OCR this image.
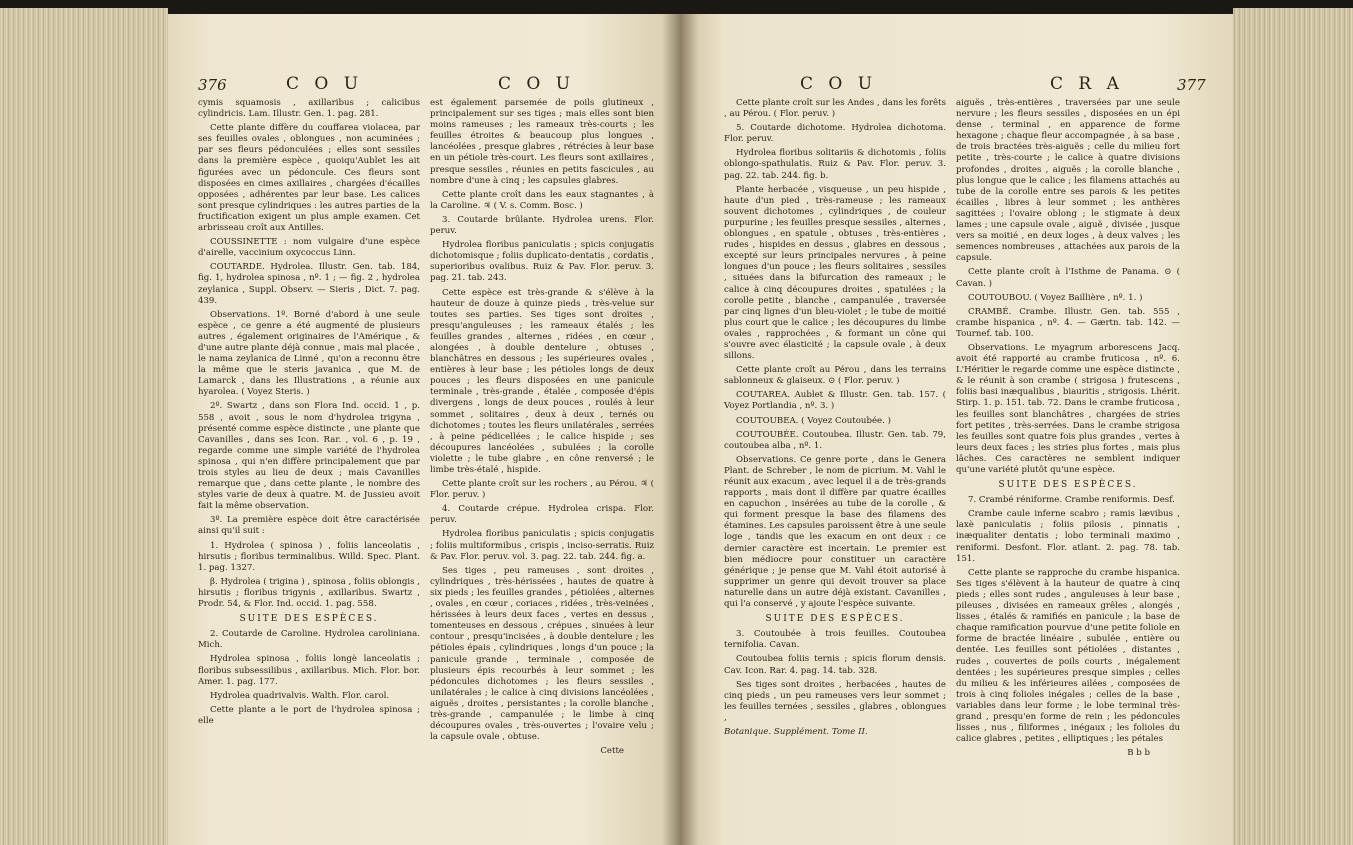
376	C O U	C O U

cymis squamosis , axillaribus ; calicibus cylindricis. Lam. Illustr. Gen. 1. pag. 281.

Cette plante diffère du couffarea violacea, par ses feuilles ovales , oblongues , non acuminées ; par ses fleurs pédonculées ; elles sont sessiles dans la première espèce , quoiqu'Aublet les ait figurées avec un pédoncule. Ces fleurs sont disposées en cimes axillaires , chargées d'écailles opposées , adhérentes par leur base. Les calices sont presque cylindriques : les autres parties de la fructification exigent un plus ample examen. Cet arbrisseau croît aux Antilles.

COUSSINETTE : nom vulgaire d'une espèce d'airelle, vaccinium oxycoccus Linn.

COUTARDE. Hydrolea. Illustr. Gen. tab. 184, fig. 1, hydrolea spinosa , nº. 1 ; — fig. 2 , hydrolea zeylanica , Suppl. Observ. — Sieris , Dict. 7. pag. 439.

Observations. 1º. Borné d'abord à une seule espèce , ce genre a été augmenté de plusieurs autres , également originaires de l'Amérique , & d'une autre plante déjà connue , mais mal placée , le nama zeylanica de Linné , qu'on a reconnu être la même que le steris javanica , que M. de Lamarck , dans les Illustrations , a réunie aux hyarolea. ( Voyez Steris. )

2º. Swartz , dans son Flora Ind. occid. 1 , p. 558 , avoit , sous le nom d'hydrolea trigyna , présenté comme espèce distincte , une plante que Cavanilles , dans ses Icon. Rar. , vol. 6 , p. 19 , regarde comme une simple variété de l'hydrolea spinosa , qui n'en diffère principalement que par trois styles au lieu de deux ; mais Cavanilles remarque que , dans cette plante , le nombre des styles varie de deux à quatre. M. de Jussieu avoit fait la même observation.

3º. La première espèce doit être caractérisée ainsi qu'il suit :

1. Hydrolea ( spinosa ) , foliis lanceolatis , hirsutis ; floribus terminalibus. Willd. Spec. Plant. 1. pag. 1327.

β. Hydrolea ( trigina ) , spinosa , foliis oblongis , hirsutis ; floribus trigynis , axillaribus. Swartz , Prodr. 54, & Flor. Ind. occid. 1. pag. 558.

SUITE DES ESPÈCES.

2. Coutarde de Caroline. Hydrolea caroliniana. Mich.

Hydrolea spinosa , foliis longè lanceolatis ; floribus subsessilibus , axillaribus. Mich. Flor. bor. Amer. 1. pag. 177.

Hydrolea quadrivalvis. Walth. Flor. carol.

Cette plante a le port de l'hydrolea spinosa ; elle

est également parsemée de poils glutineux , principalement sur ses tiges ; mais elles sont bien moins rameuses ; les rameaux très-courts ; les feuilles étroites & beaucoup plus longues , lancéolées , presque glabres , rétrécies à leur base en un pétiole très-court. Les fleurs sont axillaires , presque sessiles , réunies en petits fascicules , au nombre d'une à cinq ; les capsules glabres.

Cette plante croît dans les eaux stagnantes , à la Caroline. ♃ ( V. s. Comm. Bosc. )

3. Coutarde brûlante. Hydrolea urens. Flor. peruv.

Hydrolea floribus paniculatis ; spicis conjugatis dichotomisque ; foliis duplicato-dentatis , cordatis , superioribus ovalibus. Ruiz & Pav. Flor. peruv. 3. pag. 21. tab. 243.

Cette espèce est très-grande & s'élève à la hauteur de douze à quinze pieds , très-velue sur toutes ses parties. Ses tiges sont droites , presqu'anguleuses ; les rameaux étalés ; les feuilles grandes , alternes , ridées , en cœur , alongées , à double dentelure , obtuses , blanchâtres en dessous ; les supérieures ovales , entières à leur base ; les pétioles longs de deux pouces ; les fleurs disposées en une panicule terminale , très-grande , étalée , composée d'épis divergens , longs de deux pouces , roulés à leur sommet , solitaires , deux à deux , ternés ou dichotomes ; toutes les fleurs unilatérales , serrées , à peine pédicellées ; le calice hispide ; ses découpures lancéolées , subulées ; la corolle violette ; le tube glabre , en cône renversé ; le limbe très-étalé , hispide.

Cette plante croît sur les rochers , au Pérou. ♃ ( Flor. peruv. )

4. Coutarde crépue. Hydrolea crispa. Flor. peruv.

Hydrolea floribus paniculatis ; spicis conjugatis ; foliis multiformibus , crispis , inciso-serratis. Ruiz & Pav. Flor. peruv. vol. 3. pag. 22. tab. 244. fig. a.

Ses tiges , peu rameuses , sont droites , cylindriques , très-hérissées , hautes de quatre à six pieds ; les feuilles grandes , pétiolées , alternes , ovales , en cœur , coriaces , ridées , très-veinées , hérissées à leurs deux faces , vertes en dessus , tomenteuses en dessous , crépues , sinuées à leur contour , presqu'incisées , à double dentelure ; les pétioles épais , cylindriques , longs d'un pouce ; la panicule grande , terminale , composée de plusieurs épis recourbés à leur sommet ; les pédoncules dichotomes ; les fleurs sessiles , unilatérales ; le calice à cinq divisions lancéolées , aiguës , droites , persistantes ; la corolle blanche , très-grande , campanulée ; le limbe à cinq découpures ovales , très-ouvertes ; l'ovaire velu ; la capsule ovale , obtuse.

Cette

C O U	C R A	377

Cette plante croît sur les Andes , dans les forêts , au Pérou. ( Flor. peruv. )

5. Coutarde dichotome. Hydrolea dichotoma. Flor. peruv.

Hydrolea floribus solitariis & dichotomis , foliis oblongo-spathulatis. Ruiz & Pav. Flor. peruv. 3. pag. 22. tab. 244. fig. b.

Plante herbacée , visqueuse , un peu hispide , haute d'un pied , très-rameuse ; les rameaux souvent dichotomes , cylindriques , de couleur purpurine ; les feuilles presque sessiles , alternes , oblongues , en spatule , obtuses , très-entières , rudes , hispides en dessus , glabres en dessous , excepté sur leurs principales nervures , à peine longues d'un pouce ; les fleurs solitaires , sessiles , situées dans la bifurcation des rameaux ; le calice à cinq découpures droites , spatulées ; la corolle petite , blanche , campanulée , traversée par cinq lignes d'un bleu-violet ; le tube de moitié plus court que le calice ; les découpures du limbe ovales , rapprochées , & formant un cône qui s'ouvre avec élasticité ; la capsule ovale , à deux sillons.

Cette plante croît au Pérou , dans les terrains sablonneux & glaiseux. ⊙ ( Flor. peruv. )

COUTAREA. Aublet & Illustr. Gen. tab. 157. ( Voyez Portlandia , nº. 3. )

COUTOUBEA. ( Voyez Coutoubée. )

COUTOUBÉE. Coutoubea. Illustr. Gen. tab. 79, coutoubea alba , nº. 1.

Observations. Ce genre porte , dans le Genera Plant. de Schreber , le nom de picrium. M. Vahl le réunit aux exacum , avec lequel il a de très-grands rapports , mais dont il diffère par quatre écailles en capuchon , insérées au tube de la corolle , & qui forment presque la base des filamens des étamines. Les capsules paroissent être à une seule loge , tandis que les exacum en ont deux : ce dernier caractère est incertain. Le premier est bien médiocre pour constituer un caractère générique ; je pense que M. Vahl étoit autorisé à supprimer un genre qui devoit trouver sa place naturelle dans un autre déjà existant. Cavanilles , qui l'a conservé , y ajoute l'espèce suivante.

SUITE DES ESPÈCES.

3. Coutoubée à trois feuilles. Coutoubea ternifolia. Cavan.

Coutoubea foliis ternis ; spicis florum densis. Cav. Icon. Rar. 4. pag. 14. tab. 328.

Ses tiges sont droites , herbacées , hautes de cinq pieds , un peu rameuses vers leur sommet ; les feuilles ternées , sessiles , glabres , oblongues ,

Botanique. Supplément. Tome II.

aiguës , très-entières , traversées par une seule nervure ; les fleurs sessiles , disposées en un épi dense , terminal , en apparence de forme hexagone ; chaque fleur accompagnée , à sa base , de trois bractées très-aiguës ; celle du milieu fort petite , très-courte ; le calice à quatre divisions profondes , droites , aiguës ; la corolle blanche , plus longue que le calice ; les filamens attachés au tube de la corolle entre ses parois & les petites écailles , libres à leur sommet ; les anthères sagittées ; l'ovaire oblong ; le stigmate à deux lames ; une capsule ovale , aiguë , divisée , jusque vers sa moitié , en deux loges , à deux valves ; les semences nombreuses , attachées aux parois de la capsule.

Cette plante croît à l'Isthme de Panama. ⊙ ( Cavan. )

COUTOUBOU. ( Voyez Baillière , nº. 1. )

CRAMBÉ. Crambe. Illustr. Gen. tab. 555 , crambe hispanica , nº. 4. — Gærtn. tab. 142. — Tournef. tab. 100.

Observations. Le myagrum arborescens Jacq. avoit été rapporté au crambe fruticosa , nº. 6. L'Héritier le regarde comme une espèce distincte , & le réunit à son crambe ( strigosa ) frutescens , foliis basi inæqualibus , biauritis , strigosis. Lhérit. Stirp. 1. p. 151. tab. 72. Dans le crambe fruticosa , les feuilles sont blanchâtres , chargées de stries fort petites , très-serrées. Dans le crambe strigosa les feuilles sont quatre fois plus grandes , vertes à leurs deux faces ; les stries plus fortes , mais plus lâches. Ces caractères ne semblent indiquer qu'une variété plutôt qu'une espèce.

SUITE DES ESPÈCES.

7. Crambé réniforme. Crambe reniformis. Desf.

Crambe caule inferne scabro ; ramis lævibus , laxè paniculatis ; foliis pilosis , pinnatis , inæqualiter dentatis ; lobo terminali maximo , reniformi. Desfont. Flor. atlant. 2. pag. 78. tab. 151.

Cette plante se rapproche du crambe hispanica. Ses tiges s'élèvent à la hauteur de quatre à cinq pieds ; elles sont rudes , anguleuses à leur base , pileuses , divisées en rameaux grêles , alongés , lisses , étalés & ramifiés en panicule ; la base de chaque ramification pourvue d'une petite foliole en forme de bractée linéaire , subulée , entière ou dentée. Les feuilles sont pétiolées , distantes , rudes , couvertes de poils courts , inégalement dentées ; les supérieures presque simples ; celles du milieu & les inférieures ailées , composées de trois à cinq folioles inégales ; celles de la base , variables dans leur forme ; le lobe terminal très-grand , presqu'en forme de rein ; les pédoncules lisses , nus , filiformes , inégaux ; les folioles du calice glabres , petites , elliptiques ; les pétales

B b b
